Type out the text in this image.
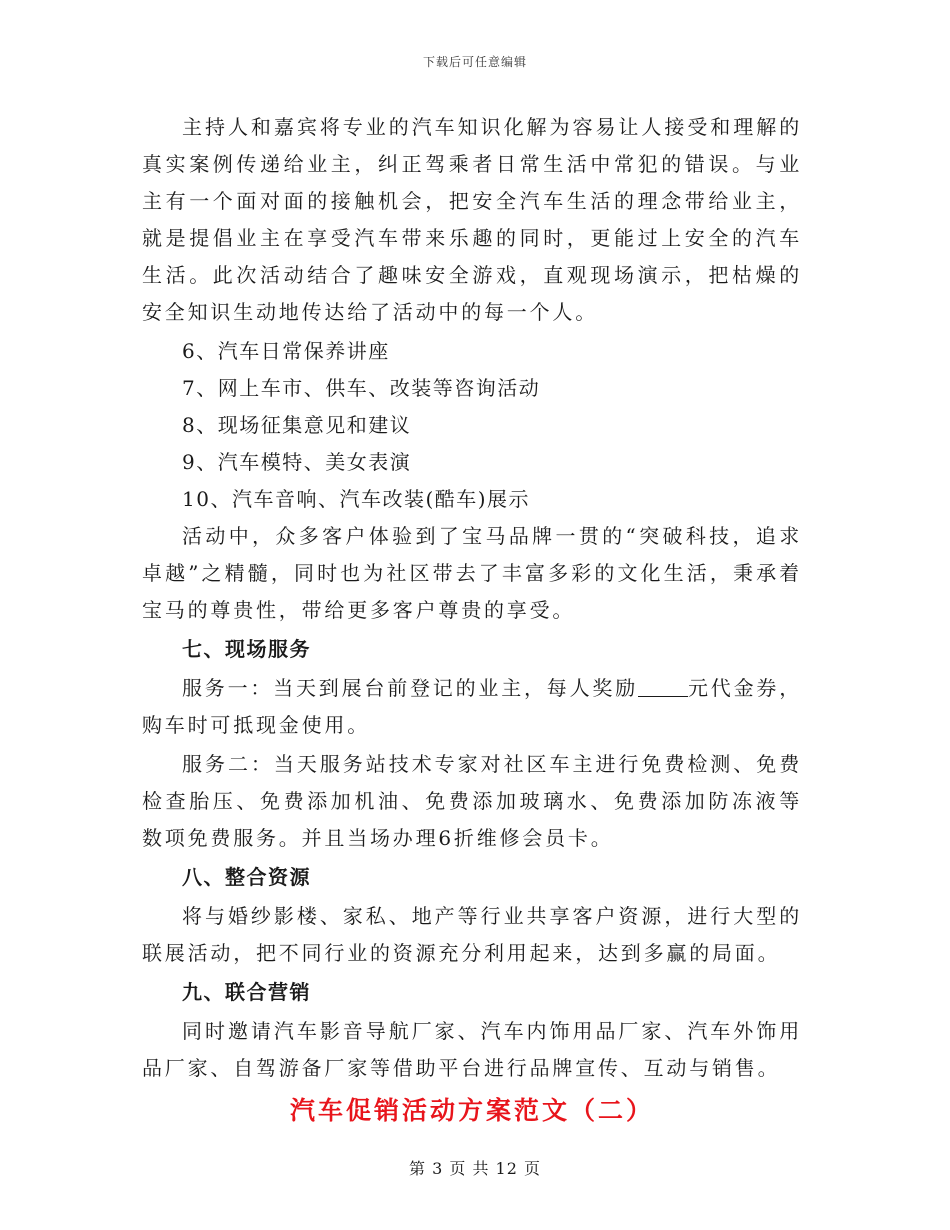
下载后可任意编辑

主持人和嘉宾将专业的汽车知识化解为容易让人接受和理解的真实案例传递给业主，纠正驾乘者日常生活中常犯的错误。与业主有一个面对面的接触机会，把安全汽车生活的理念带给业主，就是提倡业主在享受汽车带来乐趣的同时，更能过上安全的汽车生活。此次活动结合了趣味安全游戏，直观现场演示，把枯燥的安全知识生动地传达给了活动中的每一个人。

6、汽车日常保养讲座

7、网上车市、供车、改装等咨询活动

8、现场征集意见和建议

9、汽车模特、美女表演

10、汽车音响、汽车改装(酷车)展示

活动中，众多客户体验到了宝马品牌一贯的“突破科技，追求卓越”之精髓，同时也为社区带去了丰富多彩的文化生活，秉承着宝马的尊贵性，带给更多客户尊贵的享受。

七、现场服务

服务一：当天到展台前登记的业主，每人奖励	元代金券，购车时可抵现金使用。

服务二：当天服务站技术专家对社区车主进行免费检测、免费检查胎压、免费添加机油、免费添加玻璃水、免费添加防冻液等数项免费服务。并且当场办理6折维修会员卡。

八、整合资源

将与婚纱影楼、家私、地产等行业共享客户资源，进行大型的联展活动，把不同行业的资源充分利用起来，达到多赢的局面。

九、联合营销

同时邀请汽车影音导航厂家、汽车内饰用品厂家、汽车外饰用品厂家、自驾游备厂家等借助平台进行品牌宣传、互动与销售。

汽车促销活动方案范文（二）

第 3 页 共 12 页
